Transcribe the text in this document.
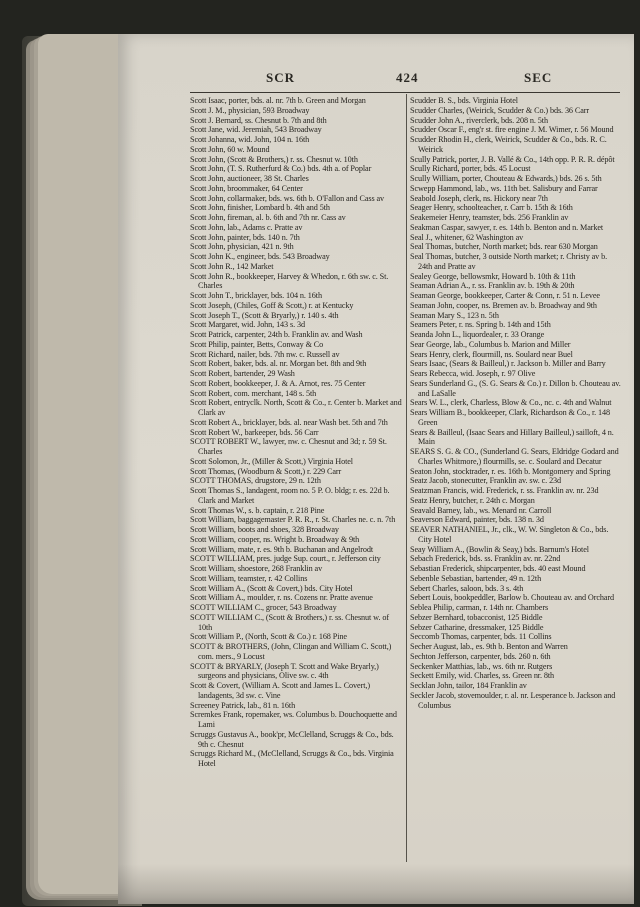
SCR	424	SEC
Scott Isaac, porter, bds. al. nr. 7th b. Green and Morgan
Scott J. M., physician, 593 Broadway
Scott J. Bernard, ss. Chesnut b. 7th and 8th
Scott Jane, wid. Jeremiah, 543 Broadway
Scott Johanna, wid. John, 104 n. 16th
Scott John, 60 w. Mound
Scott John, (Scott & Brothers,) r. ss. Chesnut w. 10th
Scott John, (T. S. Rutherfurd & Co.) bds. 4th a. of Poplar
Scott John, auctioneer, 38 St. Charles
Scott John, broommaker, 64 Center
Scott John, collarmaker, bds. ws. 6th b. O'Fallon and Cass av
Scott John, finisher, Lombard b. 4th and 5th
Scott John, fireman, al. b. 6th and 7th nr. Cass av
Scott John, lab., Adams c. Pratte av
Scott John, painter, bds. 140 n. 7th
Scott John, physician, 421 n. 9th
Scott John K., engineer, bds. 543 Broadway
Scott John R., 142 Market
Scott John R., bookkeeper, Harvey & Whedon, r. 6th sw. c. St. Charles
Scott John T., bricklayer, bds. 104 n. 16th
Scott Joseph, (Chiles, Goff & Scott,) r. at Kentucky
Scott Joseph T., (Scott & Bryarly,) r. 140 s. 4th
Scott Margaret, wid. John, 143 s. 3d
Scott Patrick, carpenter, 24th b. Franklin av. and Wash
Scott Philip, painter, Betts, Conway & Co
Scott Richard, nailer, bds. 7th nw. c. Russell av
Scott Robert, baker, bds. al. nr. Morgan bet. 8th and 9th
Scott Robert, bartender, 29 Wash
Scott Robert, bookkeeper, J. & A. Arnot, res. 75 Center
Scott Robert, com. merchant, 148 s. 5th
Scott Robert, entryclk. North, Scott & Co., r. Center b. Market and Clark av
Scott Robert A., bricklayer, bds. al. near Wash bet. 5th and 7th
Scott Robert W., barkeeper, bds. 56 Carr
SCOTT ROBERT W., lawyer, nw. c. Chesnut and 3d; r. 59 St. Charles
Scott Solomon, Jr., (Miller & Scott,) Virginia Hotel
Scott Thomas, (Woodburn & Scott,) r. 229 Carr
SCOTT THOMAS, drugstore, 29 n. 12th
Scott Thomas S., landagent, room no. 5 P. O. bldg; r. es. 22d b. Clark and Market
Scott Thomas W., s. b. captain, r. 218 Pine
Scott William, baggagemaster P. R. R., r. St. Charles ne. c. n. 7th
Scott William, boots and shoes, 328 Broadway
Scott William, cooper, ns. Wright b. Broadway & 9th
Scott William, mate, r. es. 9th b. Buchanan and Angelrodt
SCOTT WILLIAM, pres. judge Sup. court., r. Jefferson city
Scott William, shoestore, 268 Franklin av
Scott William, teamster, r. 42 Collins
Scott William A., (Scott & Covert,) bds. City Hotel
Scott William A., moulder, r. ns. Cozens nr. Pratte avenue
SCOTT WILLIAM C., grocer, 543 Broadway
SCOTT WILLIAM C., (Scott & Brothers,) r. ss. Chesnut w. of 10th
Scott William P., (North, Scott & Co.) r. 168 Pine
SCOTT & BROTHERS, (John, Clingan and William C. Scott,) com. mers., 9 Locust
SCOTT & BRYARLY, (Joseph T. Scott and Wake Bryarly,) surgeons and physicians, Olive sw. c. 4th
Scott & Covert, (William A. Scott and James L. Covert,) landagents, 3d sw. c. Vine
Screeney Patrick, lab., 81 n. 16th
Scremkes Frank, ropemaker, ws. Columbus b. Douchoquette and Lami
Scruggs Gustavus A., book'pr, McClelland, Scruggs & Co., bds. 9th c. Chesnut
Scruggs Richard M., (McClelland, Scruggs & Co., bds. Virginia Hotel
Scudder B. S., bds. Virginia Hotel
Scudder Charles, (Weirick, Scudder & Co.) bds. 36 Carr
Scudder John A., riverclerk, bds. 208 n. 5th
Scudder Oscar F., eng'r st. fire engine J. M. Wimer, r. 56 Mound
Scudder Rhodin H., clerk, Weirick, Scudder & Co., bds. R. C. Weirick
Scully Patrick, porter, J. B. Vallé & Co., 14th opp. P. R. R. dépôt
Scully Richard, porter, bds. 45 Locust
Scully William, porter, Chouteau & Edwards,) bds. 26 s. 5th
Scwepp Hammond, lab., ws. 11th bet. Salisbury and Farrar
Seabold Joseph, clerk, ns. Hickory near 7th
Seager Henry, schoolteacher, r. Carr b. 15th & 16th
Seakemeier Henry, teamster, bds. 256 Franklin av
Seakman Caspar, sawyer, r. es. 14th b. Benton and n. Market
Seal J., whitener, 62 Washington av
Seal Thomas, butcher, North market; bds. rear 630 Morgan
Seal Thomas, butcher, 3 outside North market; r. Christy av b. 24th and Pratte av
Sealey George, bellowsmkr, Howard b. 10th & 11th
Seaman Adrian A., r. ss. Franklin av. b. 19th & 20th
Seaman George, bookkeeper, Carter & Conn, r. 51 n. Levee
Seaman John, cooper, ns. Bremen av. b. Broadway and 9th
Seaman Mary S., 123 n. 5th
Seamers Peter, r. ns. Spring b. 14th and 15th
Seanda John L., liquordealer, r. 33 Orange
Sear George, lab., Columbus b. Marion and Miller
Sears Henry, clerk, flourmill, ns. Soulard near Buel
Sears Isaac, (Sears & Bailleul,) r. Jackson b. Miller and Barry
Sears Rebecca, wid. Joseph, r. 97 Olive
Sears Sunderland G., (S. G. Sears & Co.) r. Dillon b. Chouteau av. and LaSalle
Sears W. L., clerk, Charless, Blow & Co., nc. c. 4th and Walnut
Sears William B., bookkeeper, Clark, Richardson & Co., r. 148 Green
Sears & Bailleul, (Isaac Sears and Hillary Bailleul,) sailloft, 4 n. Main
SEARS S. G. & CO., (Sunderland G. Sears, Eldridge Godard and Charles Whitmore,) flourmills, se. c. Soulard and Decatur
Seaton John, stocktrader, r. es. 16th b. Montgomery and Spring
Seatz Jacob, stonecutter, Franklin av. sw. c. 23d
Seatzman Francis, wid. Frederick, r. ss. Franklin av. nr. 23d
Seatz Henry, butcher, r. 24th c. Morgan
Seavald Barney, lab., ws. Menard nr. Carroll
Seaverson Edward, painter, bds. 138 n. 3d
SEAVER NATHANIEL, Jr., clk., W. W. Singleton & Co., bds. City Hotel
Seay William A., (Bowlin & Seay,) bds. Barnum's Hotel
Sebach Frederick, bds. ss. Franklin av. nr. 22nd
Sebastian Frederick, shipcarpenter, bds. 40 east Mound
Sebenble Sebastian, bartender, 49 n. 12th
Sebert Charles, saloon, bds. 3 s. 4th
Sebert Louis, bookpeddler, Barlow b. Chouteau av. and Orchard
Seblea Philip, carman, r. 14th nr. Chambers
Sebzer Bernhard, tobacconist, 125 Biddle
Sebzer Catharine, dressmaker, 125 Biddle
Seccomb Thomas, carpenter, bds. 11 Collins
Secher August, lab., es. 9th b. Benton and Warren
Sechton Jefferson, carpenter, bds. 260 n. 6th
Seckenker Matthias, lab., ws. 6th nr. Rutgers
Seckett Emily, wid. Charles, ss. Green nr. 8th
Secklan John, tailor, 184 Franklin av
Seckler Jacob, stovemoulder, r. al. nr. Lesperance b. Jackson and Columbus
